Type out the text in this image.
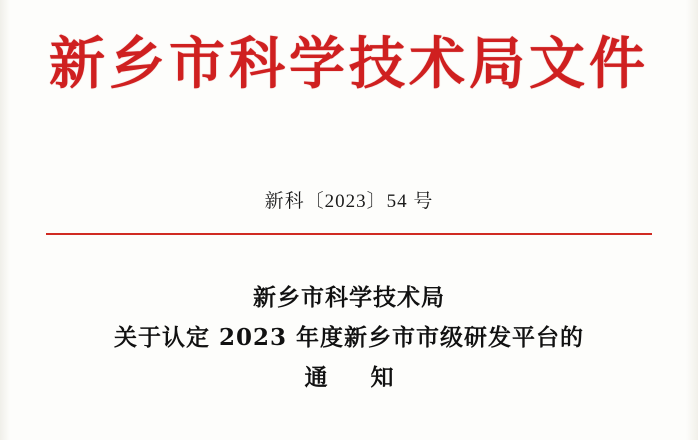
新乡市科学技术局文件
新科〔2023〕54 号
新乡市科学技术局
关于认定 2023 年度新乡市市级研发平台的
通　知
